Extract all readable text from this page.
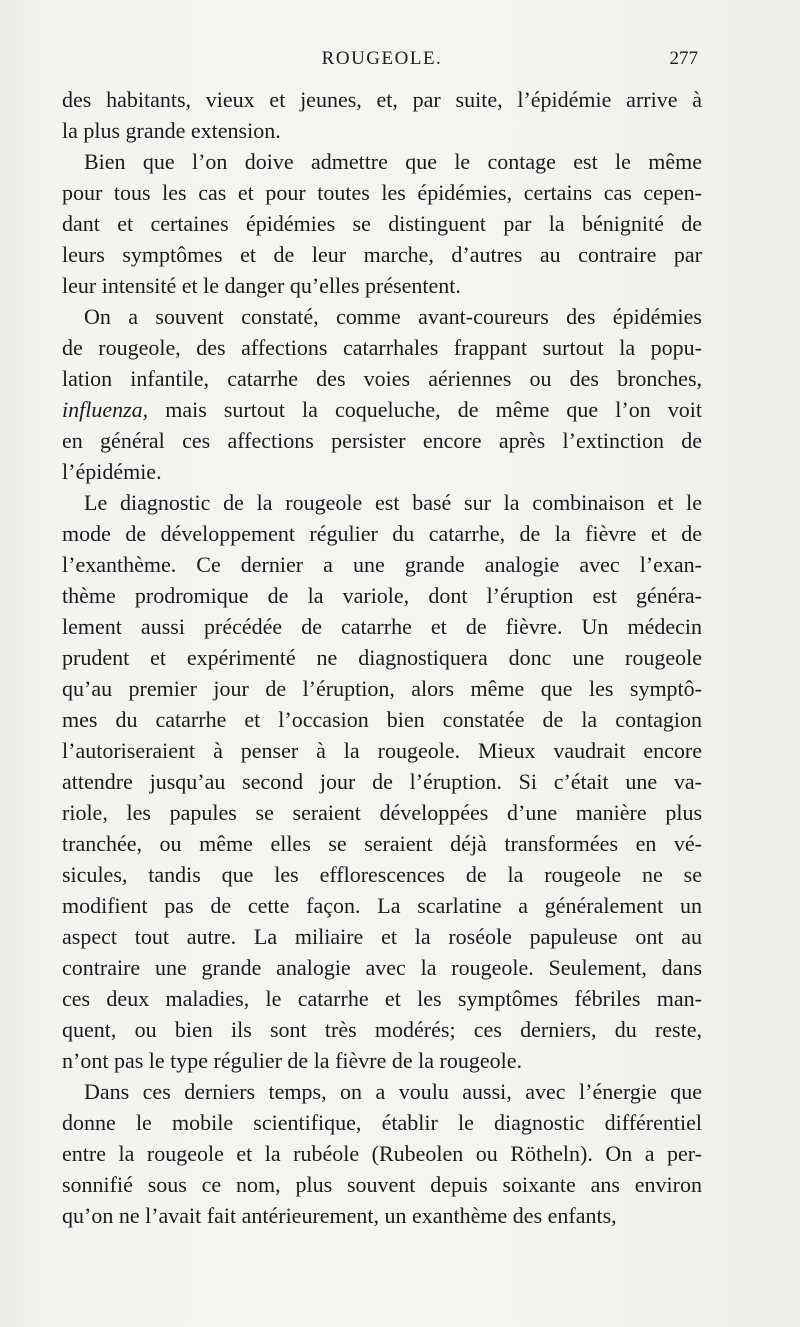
ROUGEOLE.	277
des habitants, vieux et jeunes, et, par suite, l’épidémie arrive à
la plus grande extension.
Bien que l’on doive admettre que le contage est le même
pour tous les cas et pour toutes les épidémies, certains cas cepen-
dant et certaines épidémies se distinguent par la bénignité de
leurs symptômes et de leur marche, d’autres au contraire par
leur intensité et le danger qu’elles présentent.
On a souvent constaté, comme avant-coureurs des épidémies
de rougeole, des affections catarrhales frappant surtout la popu-
lation infantile, catarrhe des voies aériennes ou des bronches,
influenza, mais surtout la coqueluche, de même que l’on voit
en général ces affections persister encore après l’extinction de
l’épidémie.
Le diagnostic de la rougeole est basé sur la combinaison et le
mode de développement régulier du catarrhe, de la fièvre et de
l’exanthème. Ce dernier a une grande analogie avec l’exan-
thème prodromique de la variole, dont l’éruption est généra-
lement aussi précédée de catarrhe et de fièvre. Un médecin
prudent et expérimenté ne diagnostiquera donc une rougeole
qu’au premier jour de l’éruption, alors même que les symptô-
mes du catarrhe et l’occasion bien constatée de la contagion
l’autoriseraient à penser à la rougeole. Mieux vaudrait encore
attendre jusqu’au second jour de l’éruption. Si c’était une va-
riole, les papules se seraient développées d’une manière plus
tranchée, ou même elles se seraient déjà transformées en vé-
sicules, tandis que les efflorescences de la rougeole ne se
modifient pas de cette façon. La scarlatine a généralement un
aspect tout autre. La miliaire et la roséole papuleuse ont au
contraire une grande analogie avec la rougeole. Seulement, dans
ces deux maladies, le catarrhe et les symptômes fébriles man-
quent, ou bien ils sont très modérés; ces derniers, du reste,
n’ont pas le type régulier de la fièvre de la rougeole.
Dans ces derniers temps, on a voulu aussi, avec l’énergie que
donne le mobile scientifique, établir le diagnostic différentiel
entre la rougeole et la rubéole (Rubeolen ou Rötheln). On a per-
sonnifié sous ce nom, plus souvent depuis soixante ans environ
qu’on ne l’avait fait antérieurement, un exanthème des enfants,
